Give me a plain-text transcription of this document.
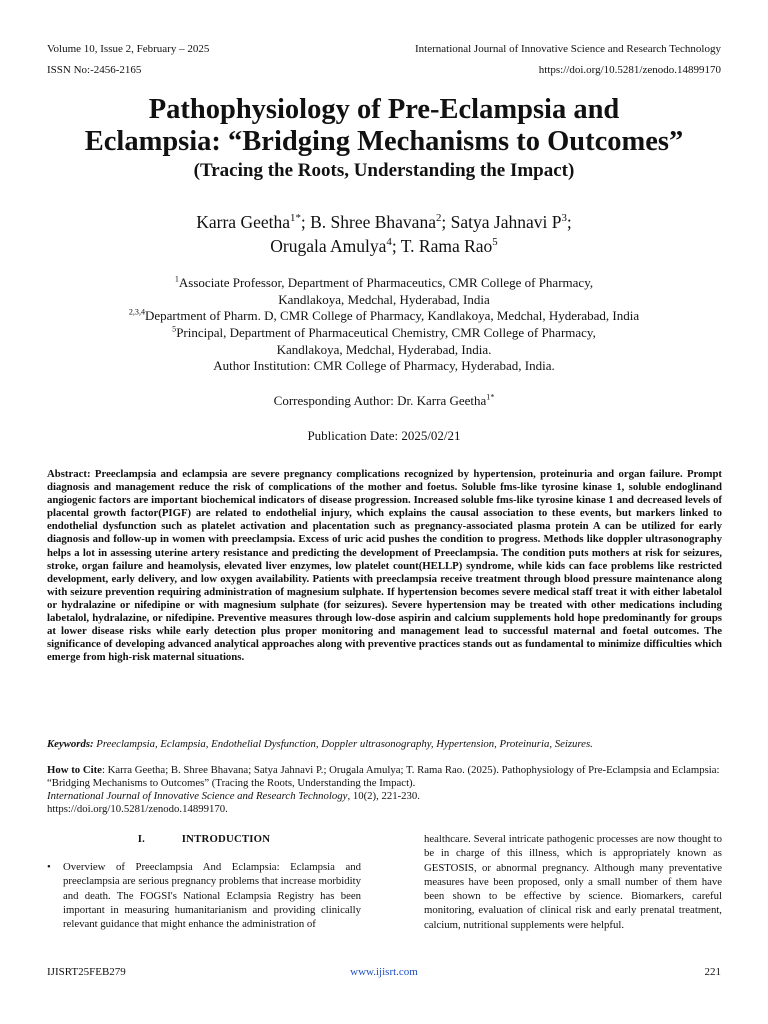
Volume 10, Issue 2, February – 2025	International Journal of Innovative Science and Research Technology
ISSN No:-2456-2165	https://doi.org/10.5281/zenodo.14899170
Pathophysiology of Pre-Eclampsia and
Eclampsia: “Bridging Mechanisms to Outcomes”
(Tracing the Roots, Understanding the Impact)
Karra Geetha$^{1*}$; B. Shree Bhavana$^2$; Satya Jahnavi $P^3$;
Orugala Amulya$^4$; T. Rama Rao$^5$
$^1$Associate Professor, Department of Pharmaceutics, CMR College of Pharmacy,
Kandlakoya, Medchal, Hyderabad, India
$^{2,3,4}$Department of Pharm. D, CMR College of Pharmacy, Kandlakoya, Medchal, Hyderabad, India
$^5$Principal, Department of Pharmaceutical Chemistry, CMR College of Pharmacy,
Kandlakoya, Medchal, Hyderabad, India.
Author Institution: CMR College of Pharmacy, Hyderabad, India.
Corresponding Author: Dr. Karra Geetha$^{1*}$
Publication Date: 2025/02/21
Abstract: Preeclampsia and eclampsia are severe pregnancy complications recognized by hypertension, proteinuria and organ failure. Prompt diagnosis and management reduce the risk of complications of the mother and foetus. Soluble fms-like tyrosine kinase 1, soluble endoglinand angiogenic factors are important biochemical indicators of disease progression. Increased soluble fms-like tyrosine kinase 1 and decreased levels of placental growth factor(PIGF) are related to endothelial injury, which explains the causal association to these events, but markers linked to endothelial dysfunction such as platelet activation and placentation such as pregnancy-associated plasma protein A can be utilized for early diagnosis and follow-up in women with preeclampsia. Excess of uric acid pushes the condition to progress. Methods like doppler ultrasonography helps a lot in assessing uterine artery resistance and predicting the development of Preeclampsia. The condition puts mothers at risk for seizures, stroke, organ failure and heamolysis, elevated liver enzymes, low platelet count(HELLP) syndrome, while kids can face problems like restricted development, early delivery, and low oxygen availability. Patients with preeclampsia receive treatment through blood pressure maintenance along with seizure prevention requiring administration of magnesium sulphate. If hypertension becomes severe medical staff treat it with either labetalol or hydralazine or nifedipine or with magnesium sulphate (for seizures). Severe hypertension may be treated with other medications including labetalol, hydralazine, or nifedipine. Preventive measures through low-dose aspirin and calcium supplements hold hope predominantly for groups at lower disease risks while early detection plus proper monitoring and management lead to successful maternal and foetal outcomes. The significance of developing advanced analytical approaches along with preventive practices stands out as fundamental to minimize difficulties which emerge from high-risk maternal situations.
Keywords: Preeclampsia, Eclampsia, Endothelial Dysfunction, Doppler ultrasonography, Hypertension, Proteinuria, Seizures.
How to Cite: Karra Geetha; B. Shree Bhavana; Satya Jahnavi P.; Orugala Amulya; T. Rama Rao. (2025). Pathophysiology of Pre-Eclampsia and Eclampsia: “Bridging Mechanisms to Outcomes” (Tracing the Roots, Understanding the Impact).
International Journal of Innovative Science and Research Technology, 10(2), 221-230.
https://doi.org/10.5281/zenodo.14899170.
I.	INTRODUCTION
•	Overview of Preeclampsia And Eclampsia: Eclampsia and preeclampsia are serious pregnancy problems that increase morbidity and death. The FOGSI's National Eclampsia Registry has been important in measuring humanitarianism and providing clinically relevant guidance that might enhance the administration of
healthcare. Several intricate pathogenic processes are now thought to be in charge of this illness, which is appropriately known as GESTOSIS, or abnormal pregnancy. Although many preventative measures have been proposed, only a small number of them have been shown to be effective by science. Biomarkers, careful monitoring, evaluation of clinical risk and early prenatal treatment, calcium, nutritional supplements were helpful.
IJISRT25FEB279	www.ijisrt.com	221
